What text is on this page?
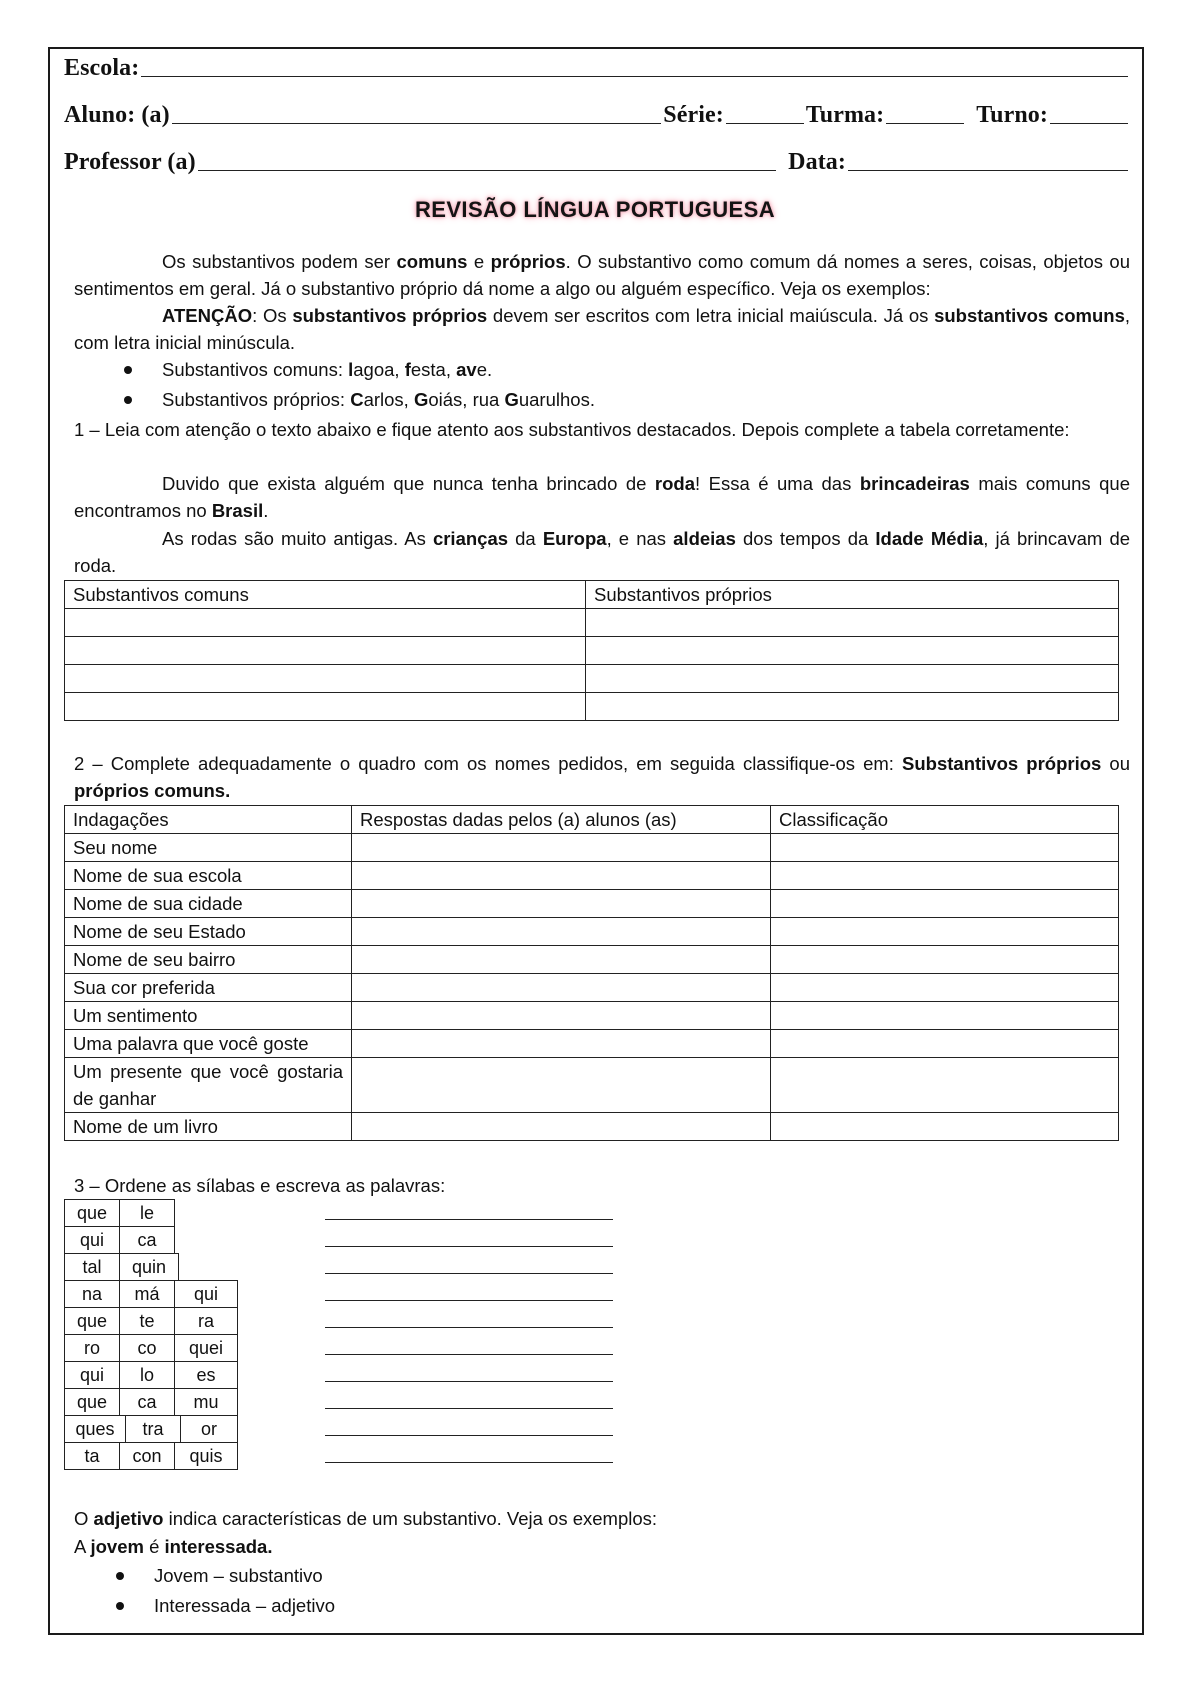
Escola:
Aluno: (a)	Série:	Turma:	Turno:
Professor (a)	Data:
REVISÃO LÍNGUA PORTUGUESA
Os substantivos podem ser comuns e próprios. O substantivo como comum dá nomes a seres, coisas, objetos ou sentimentos em geral. Já o substantivo próprio dá nome a algo ou alguém específico. Veja os exemplos:
ATENÇÃO: Os substantivos próprios devem ser escritos com letra inicial maiúscula. Já os substantivos comuns, com letra inicial minúscula.
Substantivos comuns: lagoa, festa, ave.
Substantivos próprios: Carlos, Goiás, rua Guarulhos.
1 – Leia com atenção o texto abaixo e fique atento aos substantivos destacados. Depois complete a tabela corretamente:
Duvido que exista alguém que nunca tenha brincado de roda! Essa é uma das brincadeiras mais comuns que encontramos no Brasil.
As rodas são muito antigas. As crianças da Europa, e nas aldeias dos tempos da Idade Média, já brincavam de roda.
Substantivos comuns	Substantivos próprios

2 – Complete adequadamente o quadro com os nomes pedidos, em seguida classifique-os em: Substantivos próprios ou próprios comuns.
Indagações	Respostas dadas pelos (a) alunos (as)	Classificação
Seu nome		
Nome de sua escola		
Nome de sua cidade		
Nome de seu Estado		
Nome de seu bairro		
Sua cor preferida		
Um sentimento		
Uma palavra que você goste		
Um presente que você gostaria de ganhar		
Nome de um livro		
3 – Ordene as sílabas e escreva as palavras:
que	le
qui	ca
tal	quin
na	má	qui
que	te	ra
ro	co	quei
qui	lo	es
que	ca	mu
ques	tra	or
ta	con	quis
O adjetivo indica características de um substantivo. Veja os exemplos:
A jovem é interessada.
Jovem – substantivo
Interessada – adjetivo
